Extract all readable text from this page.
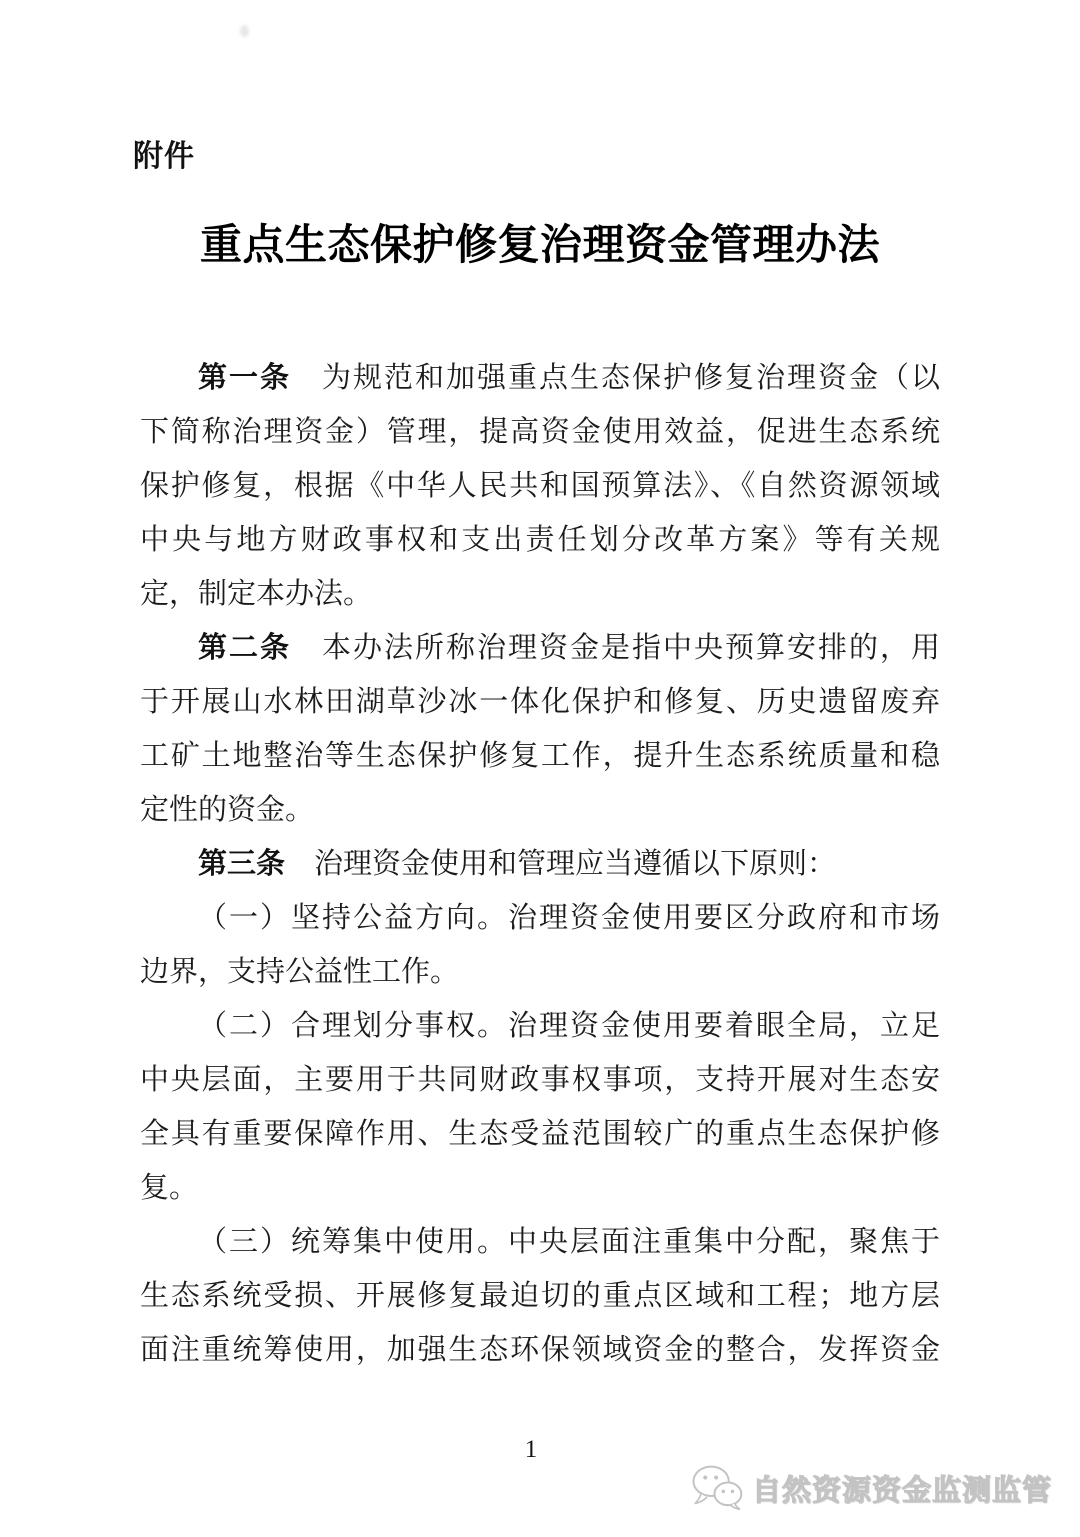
附件
重点生态保护修复治理资金管理办法
第一条　为规范和加强重点生态保护修复治理资金（以
下简称治理资金）管理，提高资金使用效益，促进生态系统
保护修复，根据《中华人民共和国预算法》、《自然资源领域
中央与地方财政事权和支出责任划分改革方案》等有关规
定，制定本办法。
第二条　本办法所称治理资金是指中央预算安排的，用
于开展山水林田湖草沙冰一体化保护和修复、历史遗留废弃
工矿土地整治等生态保护修复工作，提升生态系统质量和稳
定性的资金。
第三条　治理资金使用和管理应当遵循以下原则：
（一）坚持公益方向。治理资金使用要区分政府和市场
边界，支持公益性工作。
（二）合理划分事权。治理资金使用要着眼全局，立足
中央层面，主要用于共同财政事权事项，支持开展对生态安
全具有重要保障作用、生态受益范围较广的重点生态保护修
复。
（三）统筹集中使用。中央层面注重集中分配，聚焦于
生态系统受损、开展修复最迫切的重点区域和工程；地方层
面注重统筹使用，加强生态环保领域资金的整合，发挥资金
1
自然资源资金监测监管
